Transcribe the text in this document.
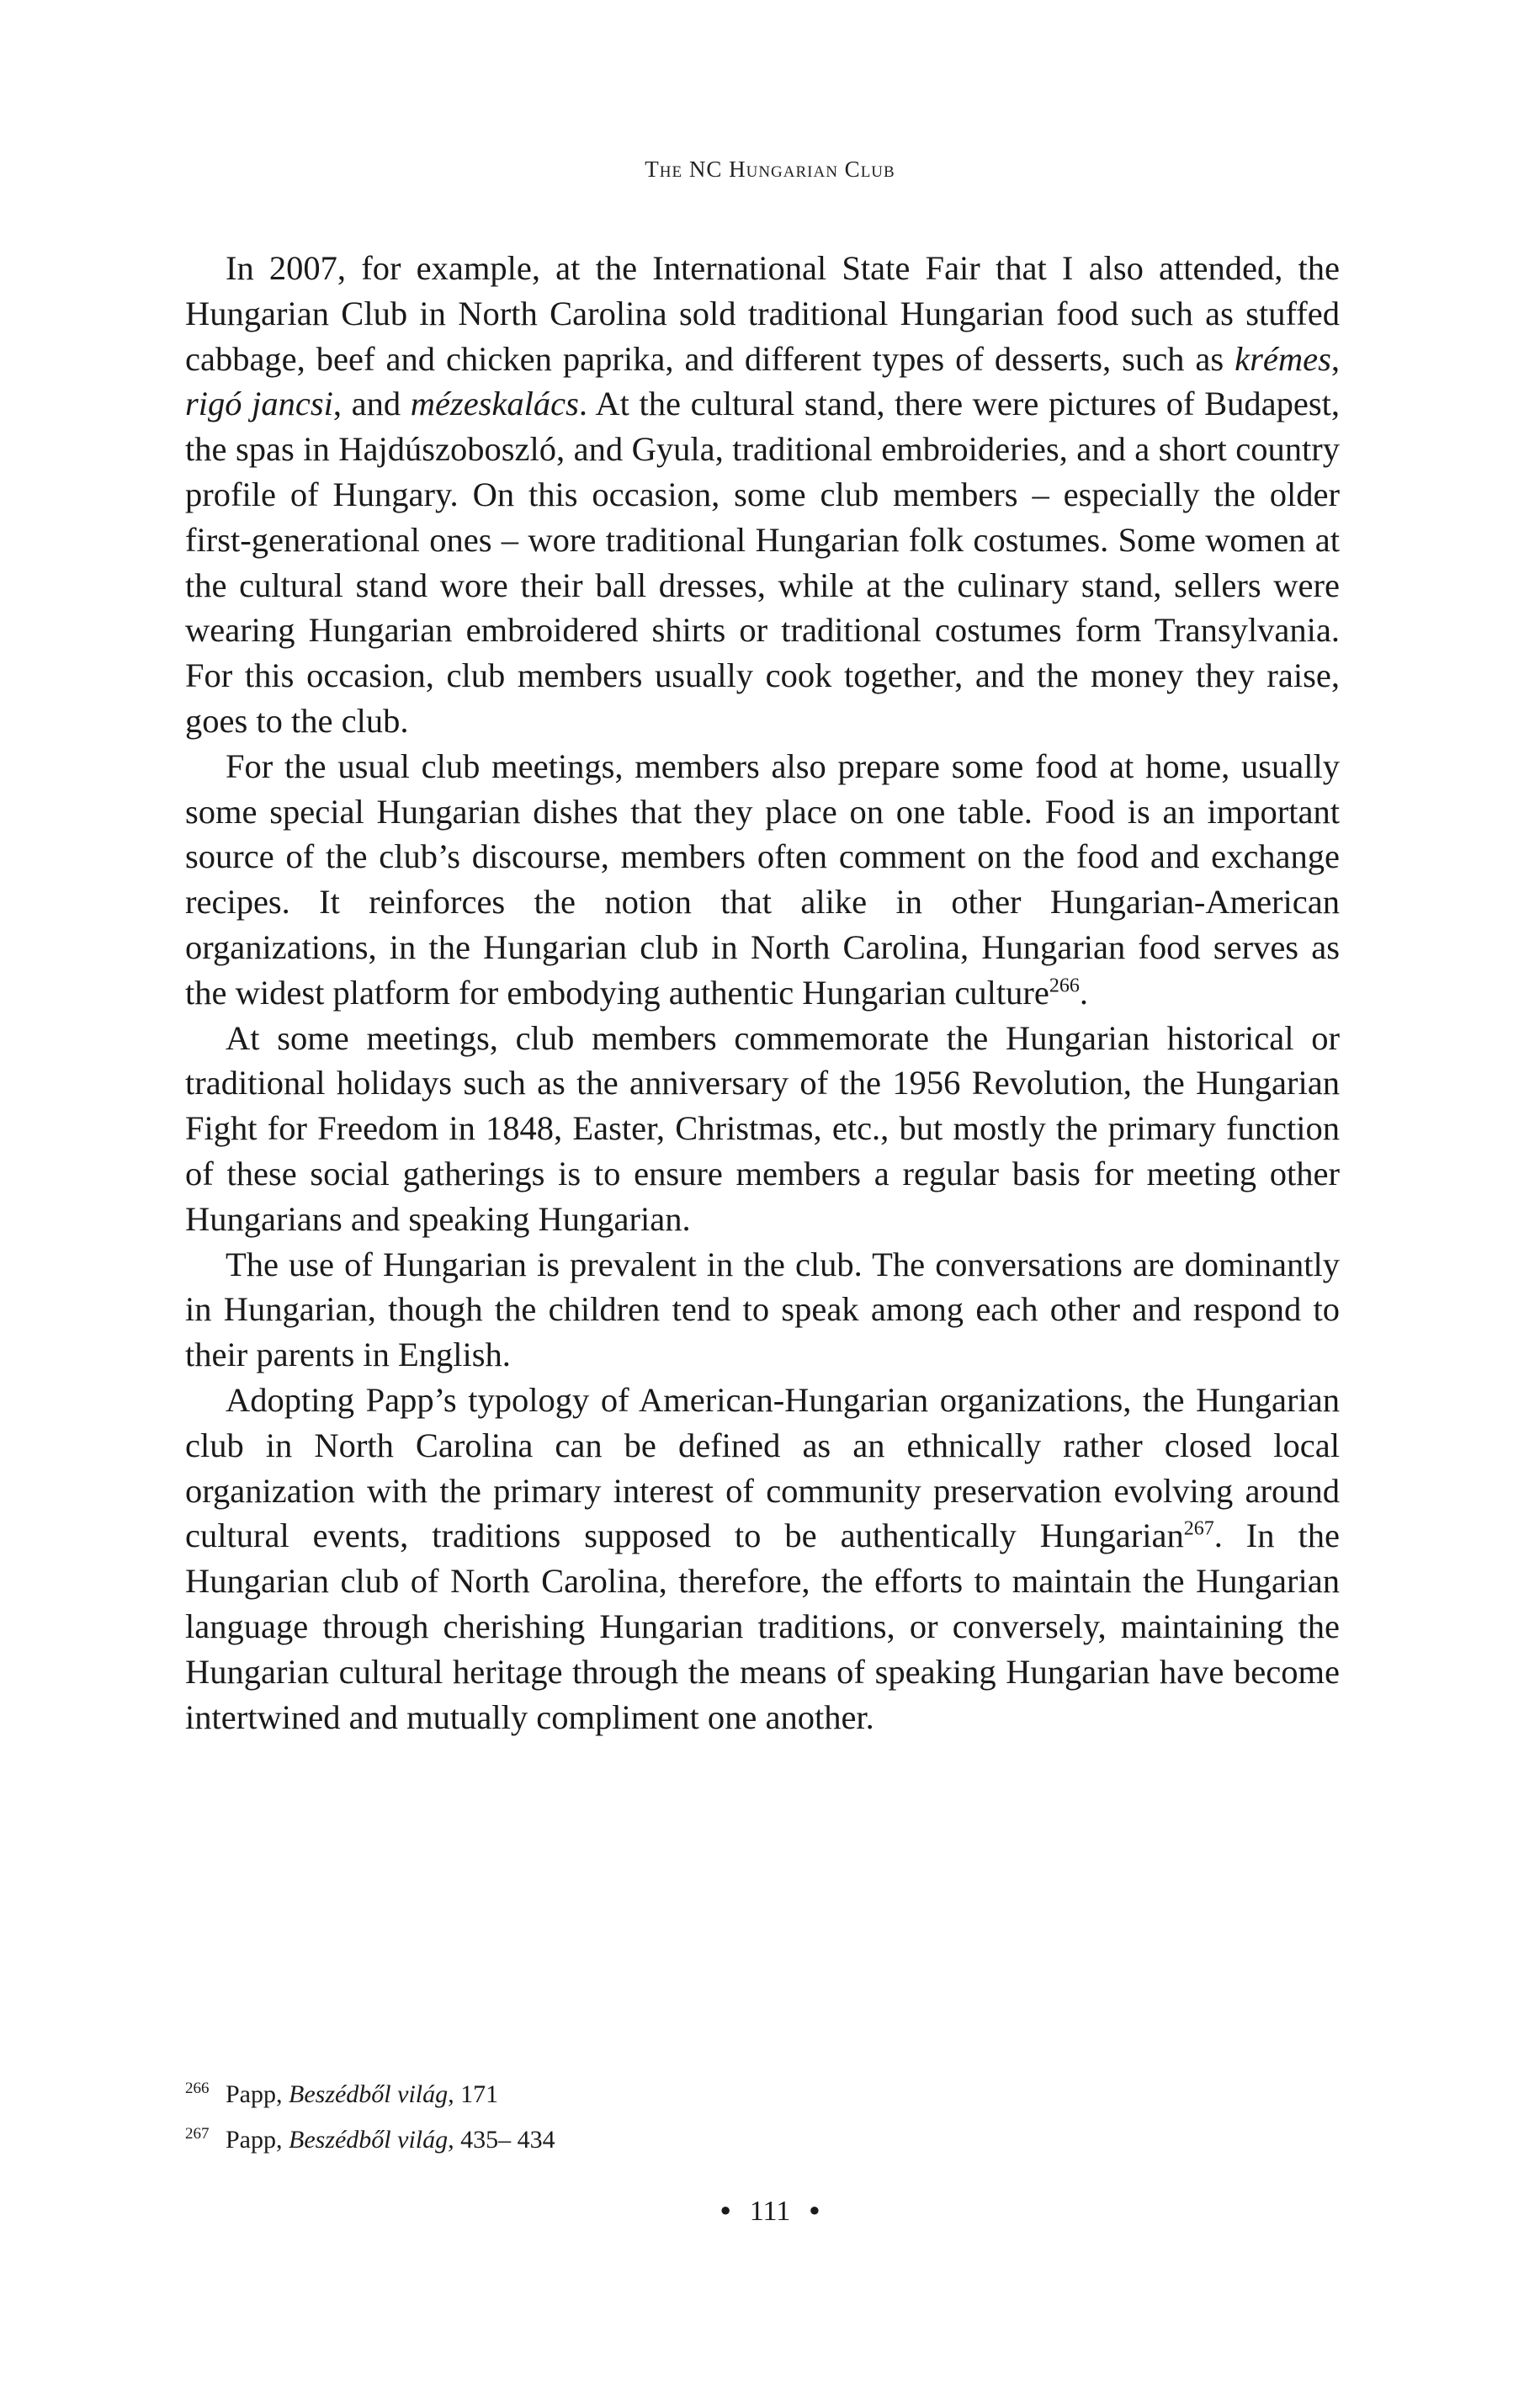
The NC Hungarian Club

In 2007, for example, at the International State Fair that I also attended, the Hungarian Club in North Carolina sold traditional Hungarian food such as stuffed cabbage, beef and chicken paprika, and different types of desserts, such as krémes, rigó jancsi, and mézeskalács. At the cultural stand, there were pictures of Budapest, the spas in Hajdúszoboszló, and Gyula, traditional embroideries, and a short country profile of Hungary. On this occasion, some club members – especially the older first-generational ones – wore traditional Hungarian folk costumes. Some women at the cultural stand wore their ball dresses, while at the culinary stand, sellers were wearing Hungarian embroidered shirts or traditional costumes form Transylvania. For this occasion, club members usually cook together, and the money they raise, goes to the club.

For the usual club meetings, members also prepare some food at home, usually some special Hungarian dishes that they place on one table. Food is an important source of the club’s discourse, members often comment on the food and exchange recipes. It reinforces the notion that alike in other Hungarian-American organizations, in the Hungarian club in North Carolina, Hungarian food serves as the widest platform for embodying authentic Hungarian culture$^{266}$.

At some meetings, club members commemorate the Hungarian historical or traditional holidays such as the anniversary of the 1956 Revolution, the Hungarian Fight for Freedom in 1848, Easter, Christmas, etc., but mostly the primary function of these social gatherings is to ensure members a regular basis for meeting other Hungarians and speaking Hungarian.

The use of Hungarian is prevalent in the club. The conversations are dominantly in Hungarian, though the children tend to speak among each other and respond to their parents in English.

Adopting Papp’s typology of American-Hungarian organizations, the Hungarian club in North Carolina can be defined as an ethnically rather closed local organization with the primary interest of community preservation evolving around cultural events, traditions supposed to be authentically Hungarian$^{267}$. In the Hungarian club of North Carolina, therefore, the efforts to maintain the Hungarian language through cherishing Hungarian traditions, or conversely, maintaining the Hungarian cultural heritage through the means of speaking Hungarian have become intertwined and mutually compliment one another.

266 Papp, Beszédből világ, 171
267 Papp, Beszédből világ, 435– 434
● 111 ●
